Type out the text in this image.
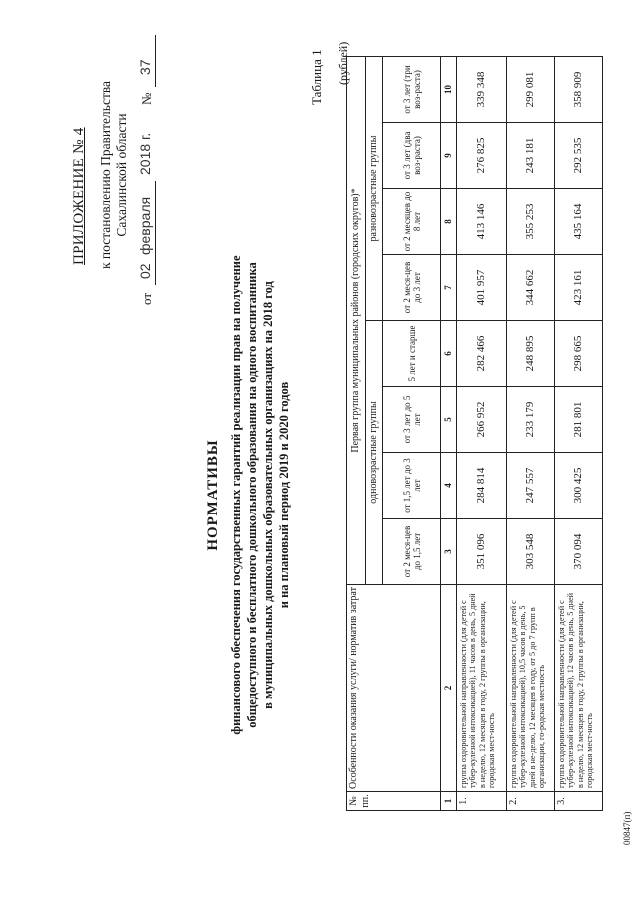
ПРИЛОЖЕНИЕ № 4 к постановлению Правительства Сахалинской области
от
02
февраля
2018 г.
№
37
НОРМАТИВЫ финансового обеспечения государственных гарантий реализации прав на получение общедоступного и бесплатного дошкольного образования на одного воспитанника в муниципальных дошкольных образовательных организациях на 2018 год и на плановый период 2019 и 2020 годов
Таблица 1 (рублей)
№ пп.	Особенности оказания услуги/ норматив затрат	Первая группа муниципальных районов (городских округов)*							
		одновозрастные группы				разновозрастные группы			
		от 2 меся-цев до 1,5 лет	от 1,5 лет до 3 лет	от 3 лет до 5 лет	5 лет и старше	от 2 меся-цев до 3 лет	от 2 месяцев до 8 лет	от 3 лет (два воз-раста)	от 3 лет (три воз-раста)
1	2	3	4	5	6	7	8	9	10
1.	группа оздоровительной направленности (для детей с тубер-кулезной интоксикацией), 11 часов в день, 5 дней в неделю, 12 месяцев в году, 2 группы в организации, городская мест-ность	351 096	284 814	266 952	282 466	401 957	413 146	276 825	339 348
2.	группа оздоровительной направленности (для детей с тубер-кулезной интоксикацией), 10,5 часов в день, 5 дней в не-делю, 12 месяцев в году, от 5 до 7 групп в организации, го-родская местность	303 548	247 557	233 179	248 895	344 662	355 253	243 181	299 081
3.	группа оздоровительной направленности (для детей с тубер-кулезной интоксикацией), 12 часов в день, 5 дней в неделю, 12 месяцев в году, 2 группы в организации, городская мест-ность	370 094	300 425	281 801	298 665	423 161	435 164	292 535	358 909
00847(п)
